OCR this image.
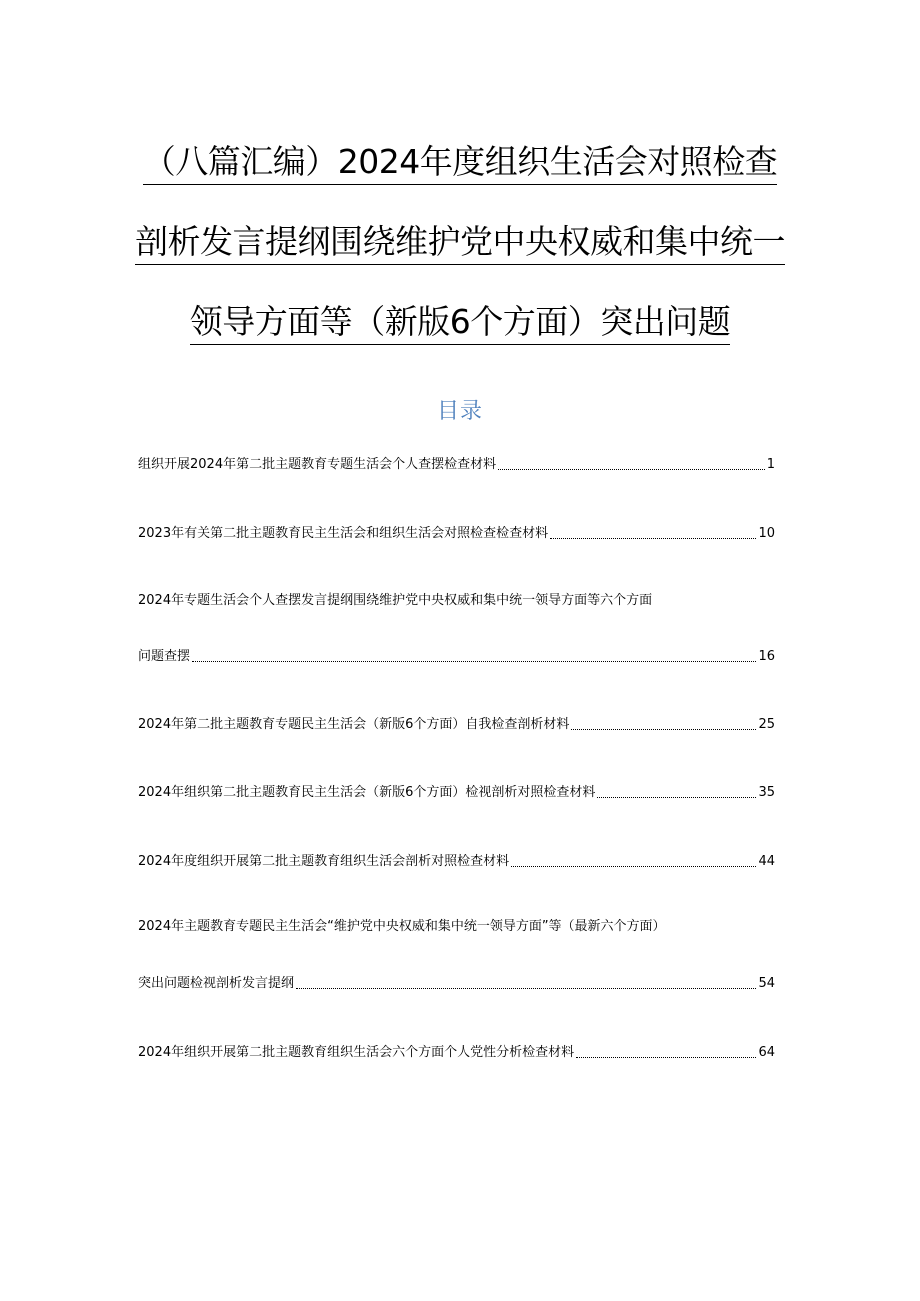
（八篇汇编）2024年度组织生活会对照检查
剖析发言提纲围绕维护党中央权威和集中统一
领导方面等（新版6个方面）突出问题
目录
组织开展2024年第二批主题教育专题生活会个人查摆检查材料	1
2023年有关第二批主题教育民主生活会和组织生活会对照检查检查材料	10
2024年专题生活会个人查摆发言提纲围绕维护党中央权威和集中统一领导方面等六个方面
问题查摆	16
2024年第二批主题教育专题民主生活会（新版6个方面）自我检查剖析材料	25
2024年组织第二批主题教育民主生活会（新版6个方面）检视剖析对照检查材料	35
2024年度组织开展第二批主题教育组织生活会剖析对照检查材料	44
2024年主题教育专题民主生活会“维护党中央权威和集中统一领导方面”等（最新六个方面）
突出问题检视剖析发言提纲	54
2024年组织开展第二批主题教育组织生活会六个方面个人党性分析检查材料	64
